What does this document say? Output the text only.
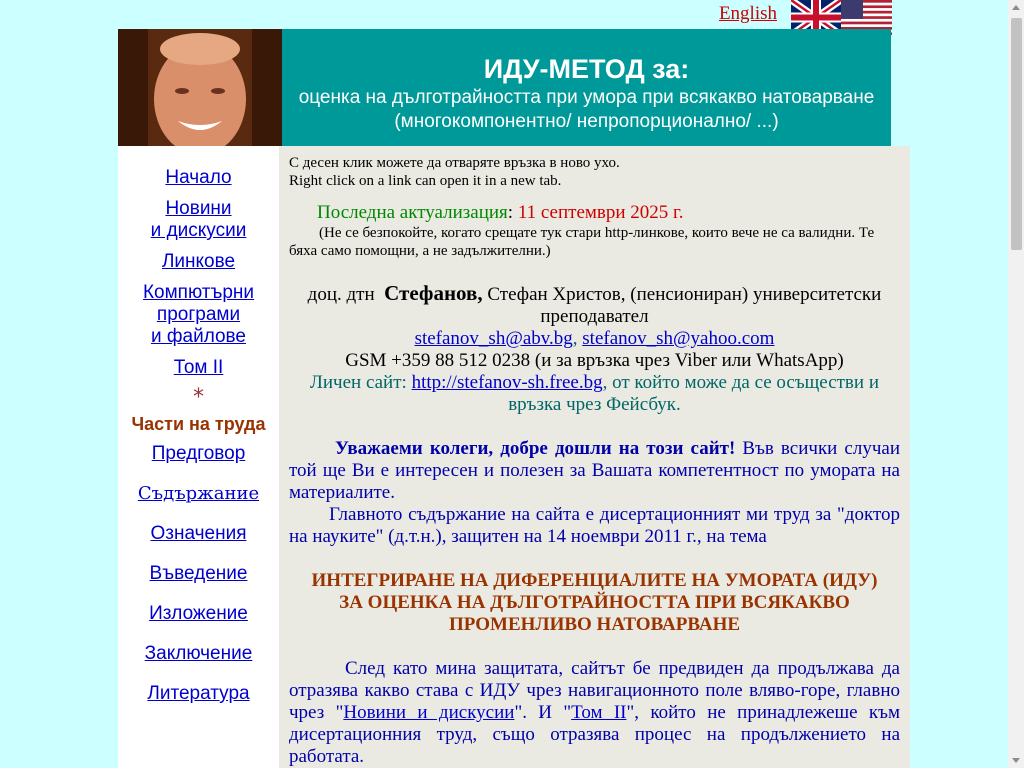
English
ИДУ-МЕТОД за:
оценка на дълготрайността при умора при всякакво натоварване
(многокомпонентно/ непропорционално/ ...)
Начало
Новини
и дискусии
Линкове
Компютърни
програми
и файлове
Том II
*
Части на труда
Предговор
Съдържание
Означения
Въведение
Изложение
Заключение
Литература
С десен клик можете да отваряте връзка в ново ухо.
Right click on a link can open it in a new tab.
Последна актуализация: 11 септември 2025 г.
(Не се безпокойте, когато срещате тук стари http-линкове, които вече не са валидни. Те бяха само помощни, а не задължителни.)
доц. дтн Стефанов, Стефан Христов, (пенсиониран) университетски преподавател
stefanov_sh@abv.bg, stefanov_sh@yahoo.com
GSM +359 88 512 0238 (и за връзка чрез Viber или WhatsApp)
Личен сайт: http://stefanov-sh.free.bg, от който може да се осъществи и връзка чрез Фейсбук.
Уважаеми колеги, добре дошли на този сайт! Във всички случаи той ще Ви е интересен и полезен за Вашата компетентност по умората на материалите.
Главното съдържание на сайта е дисертационният ми труд за "доктор на науките" (д.т.н.), защитен на 14 ноември 2011 г., на тема
ИНТЕГРИРАНЕ НА ДИФЕРЕНЦИАЛИТЕ НА УМОРАТА (ИДУ)
ЗА ОЦЕНКА НА ДЪЛГОТРАЙНОСТТА ПРИ ВСЯКАКВО
ПРОМЕНЛИВО НАТОВАРВАНЕ
След като мина защитата, сайтът бе предвиден да продължава да отразява какво става с ИДУ чрез навигационното поле вляво-горе, главно чрез "Новини и дискусии". И "Том II", който не принадлежеше към дисертационния труд, също отразява процес на продължението на работата.
